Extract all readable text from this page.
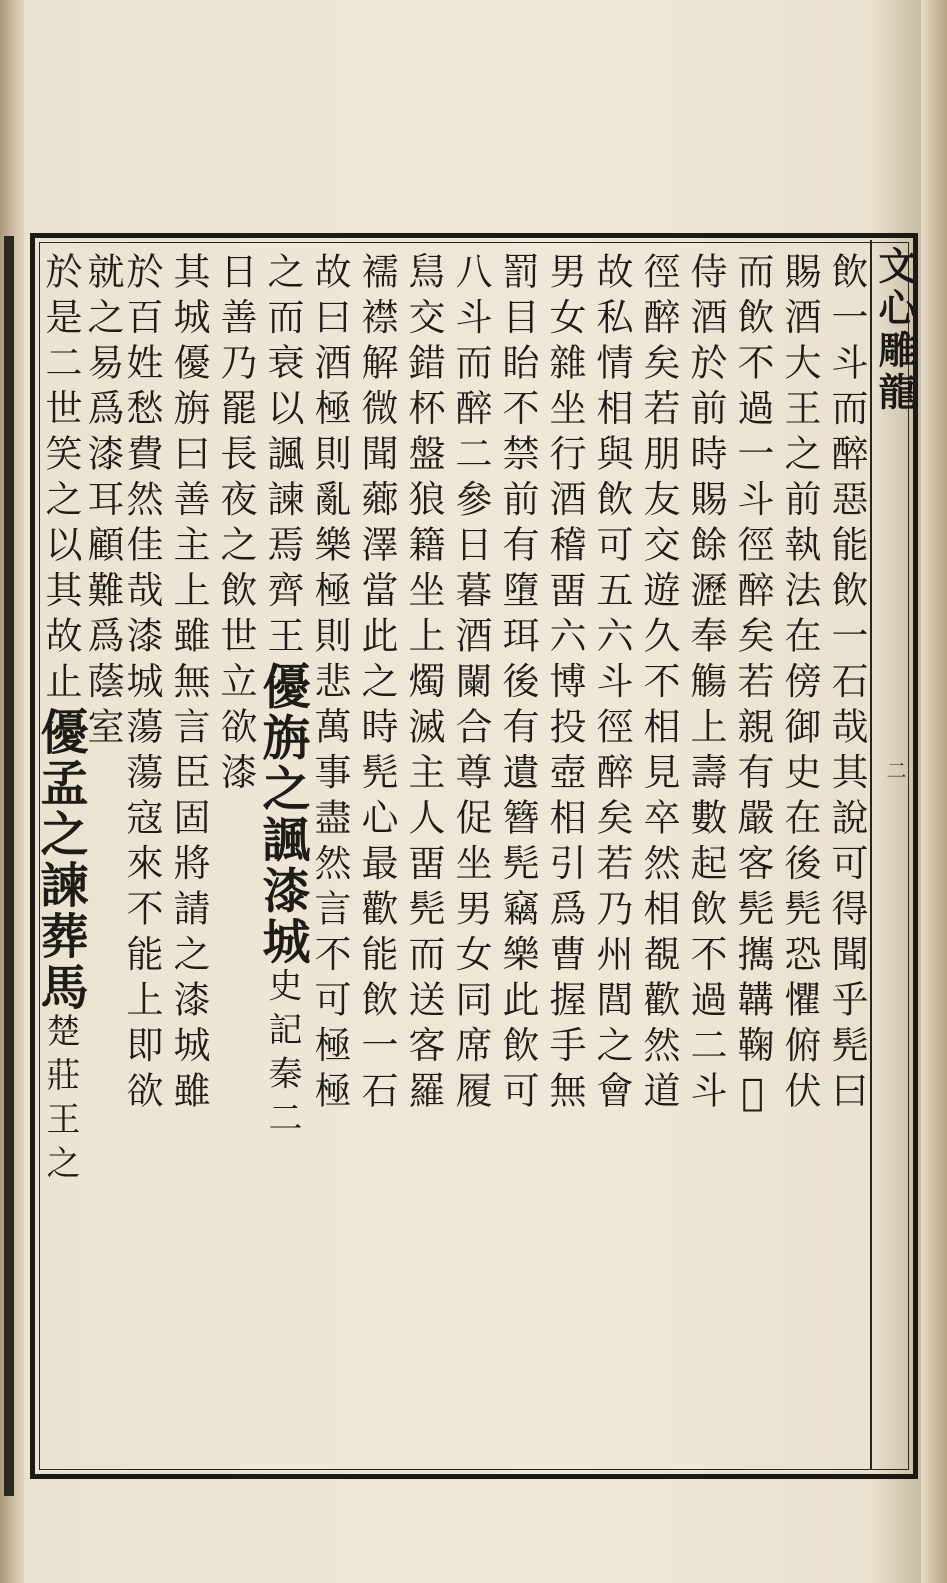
文心雕龍
二
飲一斗而醉惡能飲一石哉其說可得聞乎髡曰
賜酒大王之前執法在傍御史在後髡恐懼俯伏
而飲不過一斗徑醉矣若親有嚴客髡𢹂韝鞠𦣰
侍酒於前時賜餘瀝奉觴上壽數起飲不過二斗
徑醉矣若朋友交遊久不相見卒然相覩歡然道
故私情相與飲可五六斗徑醉矣若乃州閭之會
男女雜坐行酒稽畱六博投壺相引爲曹握手無
罰目眙不禁前有墮珥後有遺簪髡竊樂此飲可
八斗而醉二參日暮酒闌合尊促坐男女同席履
舃交錯杯盤狼籍坐上燭滅主人畱髡而送客羅
襦襟解微聞薌澤當此之時髡心最歡能飲一石
故曰酒極則亂樂極則悲萬事盡然言不可極極
之而衰以諷諫焉齊王優旃之諷漆城史記秦二
日善乃罷長夜之飲世立欲漆
其城優旃曰善主上雖無言臣固將請之漆城雖
於百姓愁費然佳哉漆城蕩蕩寇來不能上即欲
就之易爲漆耳顧難爲蔭室
於是二世笑之以其故止優孟之諫葬馬楚莊王之
